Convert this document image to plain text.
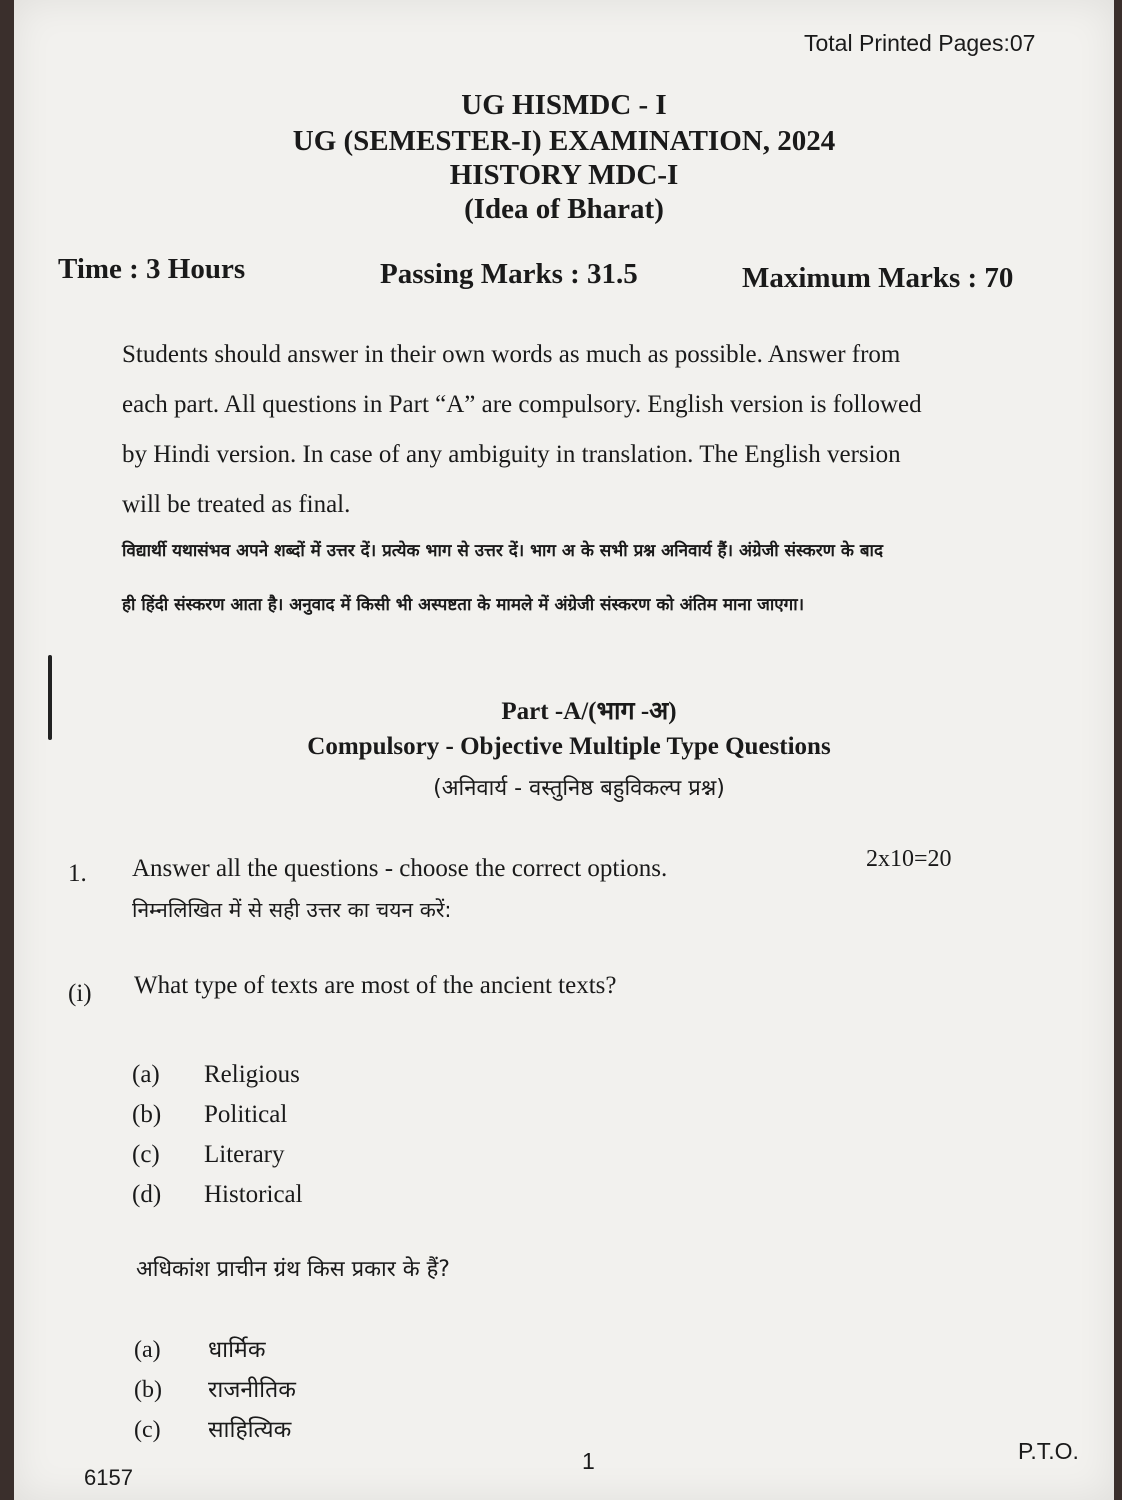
Total Printed Pages:07
UG HISMDC - I
UG (SEMESTER-I) EXAMINATION, 2024
HISTORY MDC-I
(Idea of Bharat)
Time : 3 Hours	Passing Marks : 31.5	Maximum Marks : 70
Students should answer in their own words as much as possible. Answer from
each part. All questions in Part “A” are compulsory. English version is followed
by Hindi version. In case of any ambiguity in translation. The English version
will be treated as final.
विद्यार्थी यथासंभव अपने शब्दों में उत्तर दें। प्रत्येक भाग से उत्तर दें। भाग अ के सभी प्रश्न अनिवार्य हैं। अंग्रेजी संस्करण के बाद
ही हिंदी संस्करण आता है। अनुवाद में किसी भी अस्पष्टता के मामले में अंग्रेजी संस्करण को अंतिम माना जाएगा।
Part -A/(भाग -अ)
Compulsory - Objective Multiple Type Questions
(अनिवार्य - वस्तुनिष्ठ बहुविकल्प प्रश्न)
1. Answer all the questions - choose the correct options.	2x10=20
निम्नलिखित में से सही उत्तर का चयन करें:
(i) What type of texts are most of the ancient texts?
(a) Religious
(b) Political
(c) Literary
(d) Historical
अधिकांश प्राचीन ग्रंथ किस प्रकार के हैं?
(a) धार्मिक
(b) राजनीतिक
(c) साहित्यिक
6157
1	P.T.O.
